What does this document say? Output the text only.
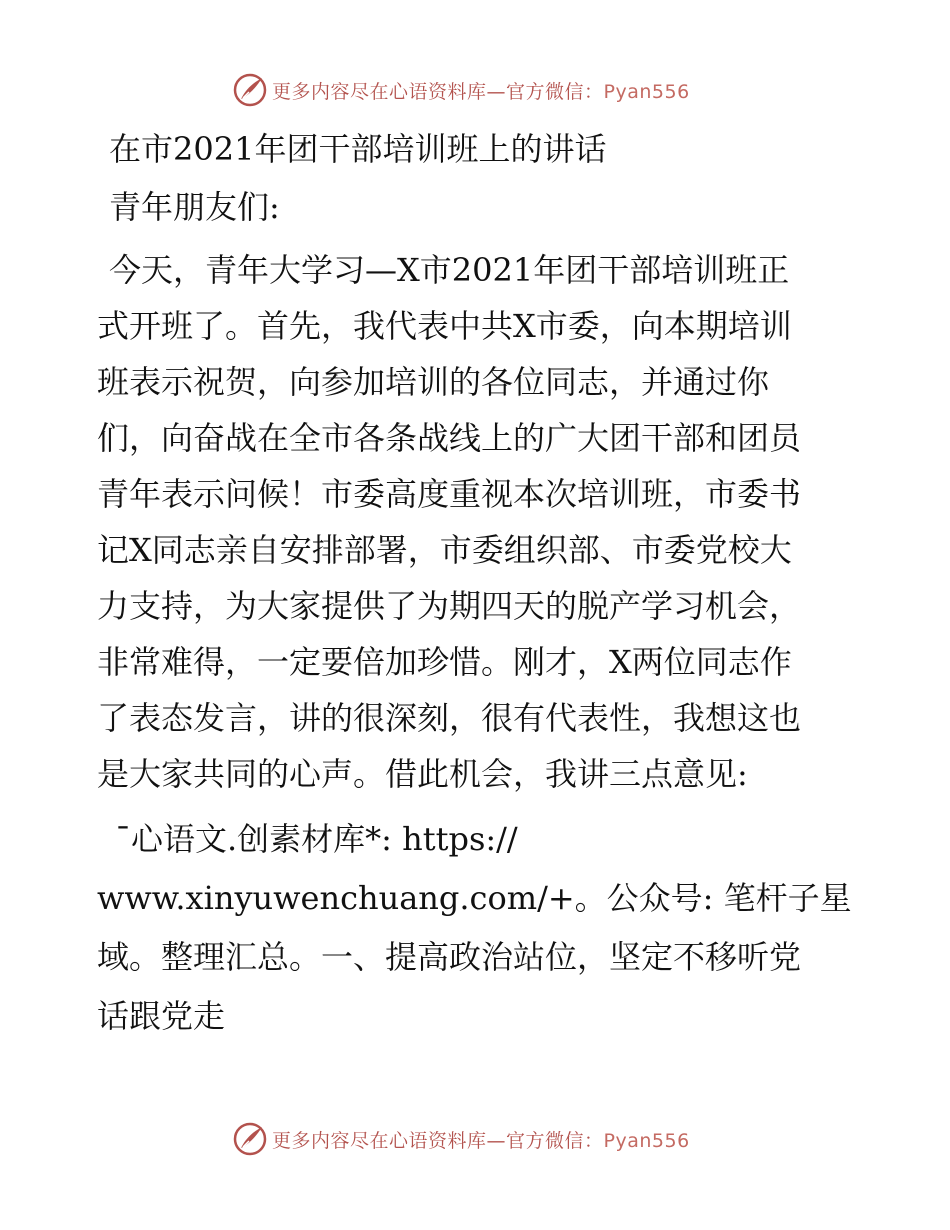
更多内容尽在心语资料库—官方微信：Pyan556
在市2021年团干部培训班上的讲话
青年朋友们:
今天，青年大学习—X市2021年团干部培训班正
式开班了。首先，我代表中共X市委，向本期培训
班表示祝贺，向参加培训的各位同志，并通过你
们，向奋战在全市各条战线上的广大团干部和团员
青年表示问候！市委高度重视本次培训班，市委书
记X同志亲自安排部署，市委组织部、市委党校大
力支持，为大家提供了为期四天的脱产学习机会，
非常难得，一定要倍加珍惜。刚才，X两位同志作
了表态发言，讲的很深刻，很有代表性，我想这也
是大家共同的心声。借此机会，我讲三点意见:
¯心语文.创素材库*: https://
www.xinyuwenchuang.com/+。公众号: 笔杆子星
域。整理汇总。一、提高政治站位，坚定不移听党
话跟党走
更多内容尽在心语资料库—官方微信：Pyan556
